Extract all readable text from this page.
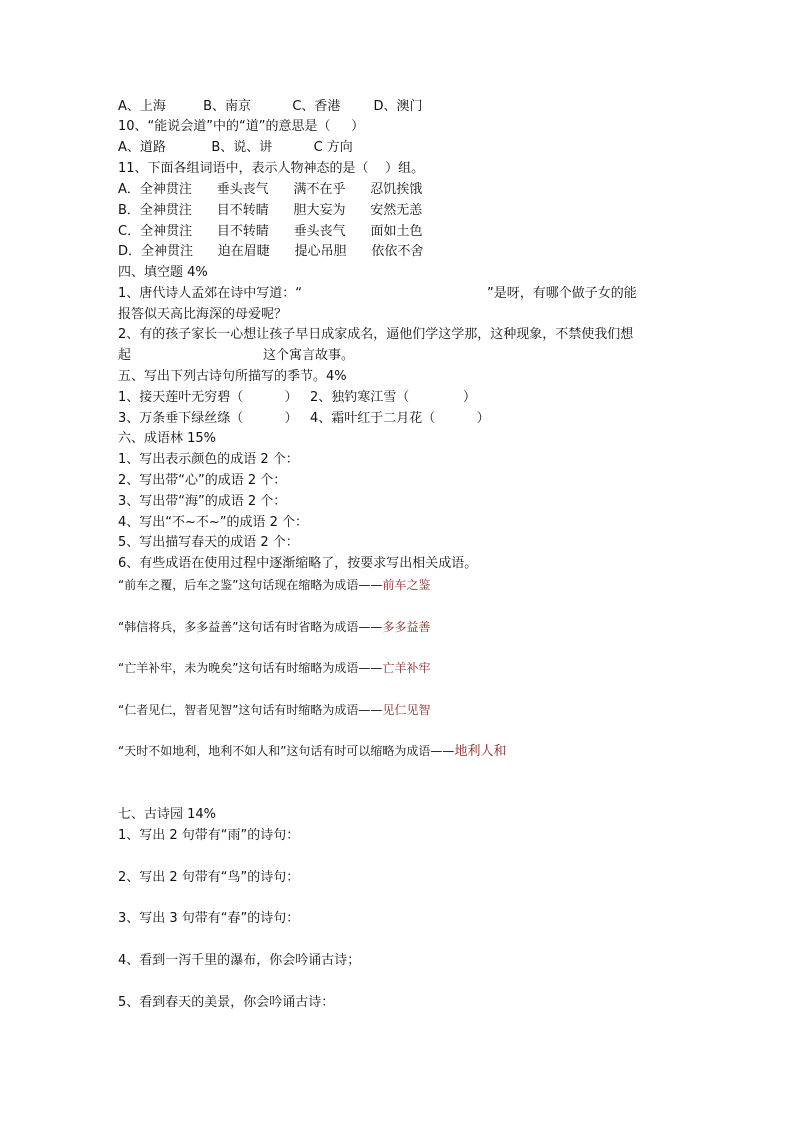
A、上海         B、南京          C、香港        D、澳门
10、“能说会道”中的“道”的意思是（     ）
A、道路           B、说、讲          C 方向
11、下面各组词语中，表示人物神态的是（    ）组。
A．全神贯注      垂头丧气      满不在乎      忍饥挨饿
B．全神贯注      目不转睛      胆大妄为      安然无恙
C．全神贯注      目不转睛      垂头丧气      面如土色
D．全神贯注      迫在眉睫      提心吊胆      依依不舍
四、填空题 4%
1、唐代诗人孟郊在诗中写道：“	”是呀，有哪个做子女的能
报答似天高比海深的母爱呢？
2、有的孩子家长一心想让孩子早日成家成名，逼他们学这学那，这种现象，不禁使我们想
起	这个寓言故事。
五、写出下列古诗句所描写的季节。4%
1、接天莲叶无穷碧（          ）   2、独钓寒江雪（             ）
3、万条垂下绿丝绦（          ）   4、霜叶红于二月花（          ）
六、成语林 15%
1、写出表示颜色的成语 2 个：
2、写出带“心”的成语 2 个：
3、写出带“海”的成语 2 个：
4、写出“不~不~”的成语 2 个：
5、写出描写春天的成语 2 个：
6、有些成语在使用过程中逐渐缩略了，按要求写出相关成语。
“前车之覆，后车之鉴”这句话现在缩略为成语——前车之鉴
“韩信将兵，多多益善”这句话有时省略为成语——多多益善
“亡羊补牢，未为晚矣”这句话有时缩略为成语——亡羊补牢
“仁者见仁，智者见智”这句话有时缩略为成语——见仁见智
“天时不如地利，地利不如人和”这句话有时可以缩略为成语——地利人和
七、古诗园 14%
1、写出 2 句带有“雨”的诗句：
2、写出 2 句带有“鸟”的诗句：
3、写出 3 句带有“春”的诗句：
4、看到一泻千里的瀑布，你会吟诵古诗；
5、看到春天的美景，你会吟诵古诗：
